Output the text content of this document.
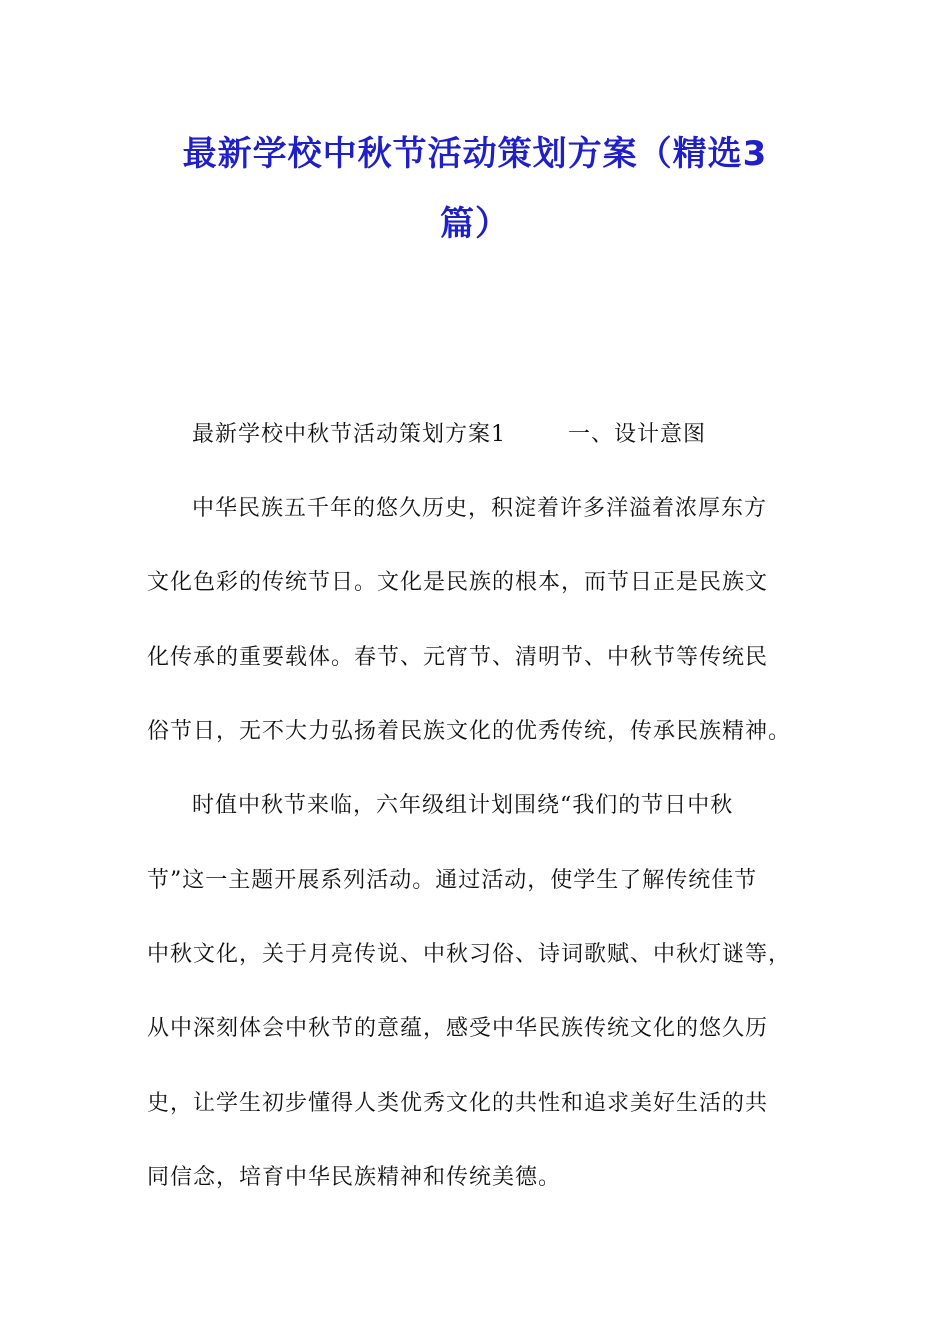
最新学校中秋节活动策划方案（精选3
篇）
最新学校中秋节活动策划方案1	一、设计意图
中华民族五千年的悠久历史，积淀着许多洋溢着浓厚东方
文化色彩的传统节日。文化是民族的根本，而节日正是民族文
化传承的重要载体。春节、元宵节、清明节、中秋节等传统民
俗节日，无不大力弘扬着民族文化的优秀传统，传承民族精神。
时值中秋节来临，六年级组计划围绕“我们的节日中秋
节”这一主题开展系列活动。通过活动，使学生了解传统佳节
中秋文化，关于月亮传说、中秋习俗、诗词歌赋、中秋灯谜等，
从中深刻体会中秋节的意蕴，感受中华民族传统文化的悠久历
史，让学生初步懂得人类优秀文化的共性和追求美好生活的共
同信念，培育中华民族精神和传统美德。
